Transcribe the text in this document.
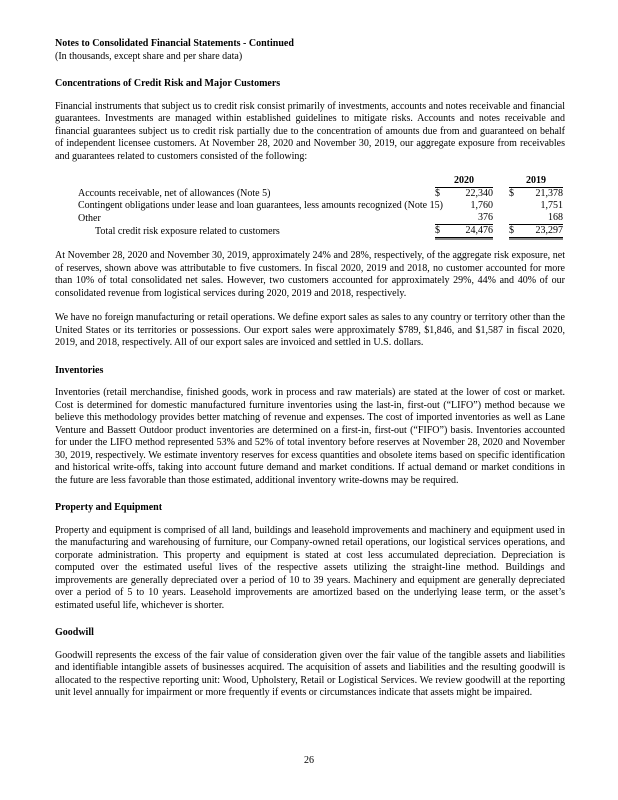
Notes to Consolidated Financial Statements - Continued
(In thousands, except share and per share data)
Concentrations of Credit Risk and Major Customers

Financial instruments that subject us to credit risk consist primarily of investments, accounts and notes receivable and financial guarantees. Investments are managed within established guidelines to mitigate risks. Accounts and notes receivable and financial guarantees subject us to credit risk partially due to the concentration of amounts due from and guaranteed on behalf of independent licensee customers. At November 28, 2020 and November 30, 2019, our aggregate exposure from receivables and guarantees related to customers consisted of the following:

	2020			2019	
Accounts receivable, net of allowances (Note 5)	$	22,340		$	21,378
Contingent obligations under lease and loan guarantees, less amounts recognized (Note 15)		1,760			1,751
Other		376			168
Total credit risk exposure related to customers	$	24,476		$	23,297

At November 28, 2020 and November 30, 2019, approximately 24% and 28%, respectively, of the aggregate risk exposure, net of reserves, shown above was attributable to five customers. In fiscal 2020, 2019 and 2018, no customer accounted for more than 10% of total consolidated net sales. However, two customers accounted for approximately 29%, 44% and 40% of our consolidated revenue from logistical services during 2020, 2019 and 2018, respectively.

We have no foreign manufacturing or retail operations. We define export sales as sales to any country or territory other than the United States or its territories or possessions. Our export sales were approximately $789, $1,846, and $1,587 in fiscal 2020, 2019, and 2018, respectively. All of our export sales are invoiced and settled in U.S. dollars.

Inventories

Inventories (retail merchandise, finished goods, work in process and raw materials) are stated at the lower of cost or market. Cost is determined for domestic manufactured furniture inventories using the last-in, first-out (“LIFO”) method because we believe this methodology provides better matching of revenue and expenses. The cost of imported inventories as well as Lane Venture and Bassett Outdoor product inventories are determined on a first-in, first-out (“FIFO”) basis. Inventories accounted for under the LIFO method represented 53% and 52% of total inventory before reserves at November 28, 2020 and November 30, 2019, respectively. We estimate inventory reserves for excess quantities and obsolete items based on specific identification and historical write-offs, taking into account future demand and market conditions. If actual demand or market conditions in the future are less favorable than those estimated, additional inventory write-downs may be required.

Property and Equipment

Property and equipment is comprised of all land, buildings and leasehold improvements and machinery and equipment used in the manufacturing and warehousing of furniture, our Company-owned retail operations, our logistical services operations, and corporate administration. This property and equipment is stated at cost less accumulated depreciation. Depreciation is computed over the estimated useful lives of the respective assets utilizing the straight-line method. Buildings and improvements are generally depreciated over a period of 10 to 39 years. Machinery and equipment are generally depreciated over a period of 5 to 10 years. Leasehold improvements are amortized based on the underlying lease term, or the asset’s estimated useful life, whichever is shorter.

Goodwill

Goodwill represents the excess of the fair value of consideration given over the fair value of the tangible assets and liabilities and identifiable intangible assets of businesses acquired. The acquisition of assets and liabilities and the resulting goodwill is allocated to the respective reporting unit: Wood, Upholstery, Retail or Logistical Services. We review goodwill at the reporting unit level annually for impairment or more frequently if events or circumstances indicate that assets might be impaired.

26
